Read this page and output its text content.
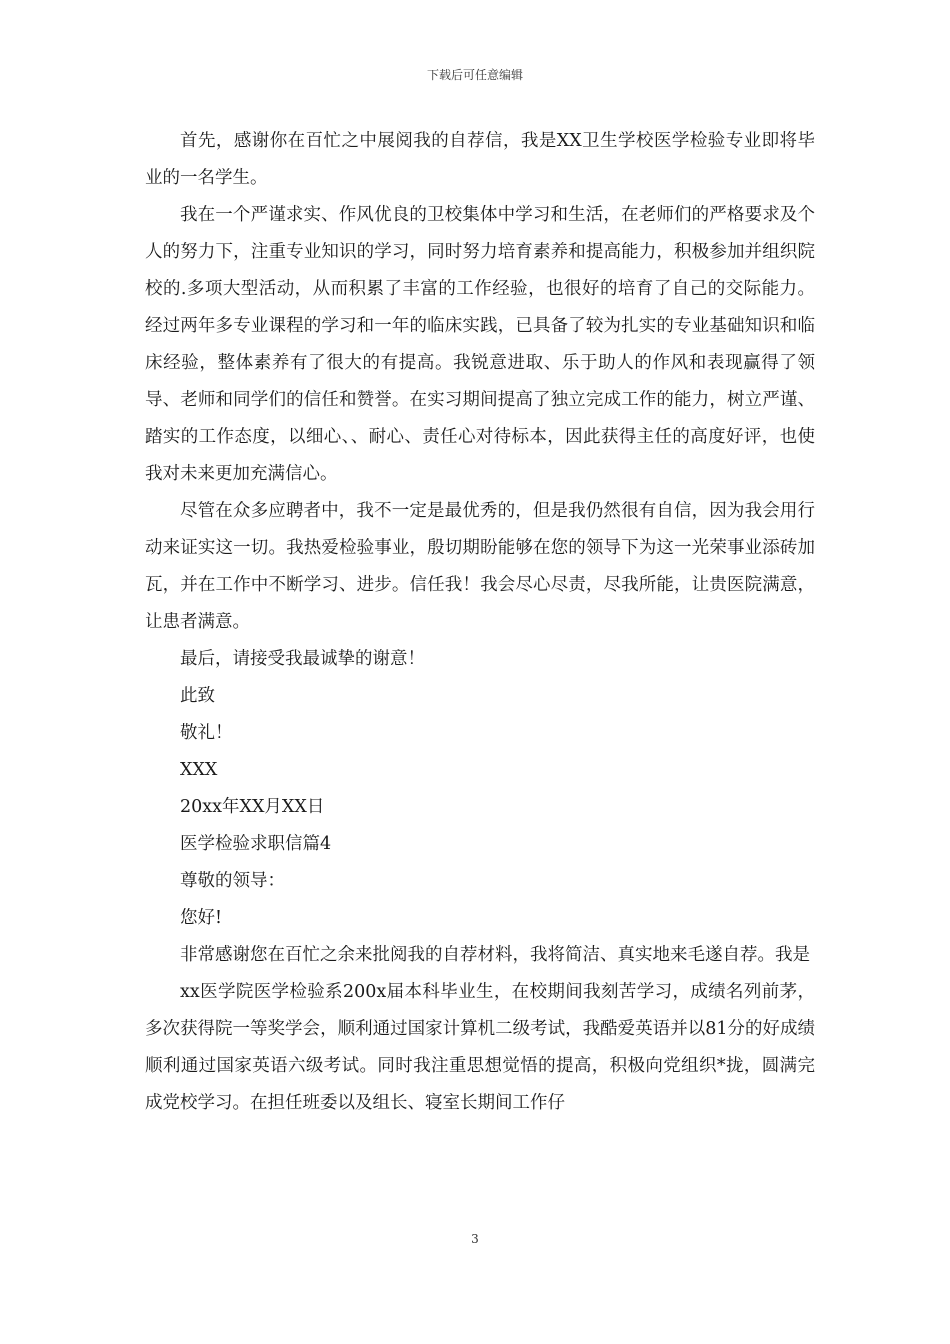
下载后可任意编辑

首先，感谢你在百忙之中展阅我的自荐信，我是XX卫生学校医学检验专业即将毕业的一名学生。

我在一个严谨求实、作风优良的卫校集体中学习和生活，在老师们的严格要求及个人的努力下，注重专业知识的学习，同时努力培育素养和提高能力，积极参加并组织院校的.多项大型活动，从而积累了丰富的工作经验，也很好的培育了自己的交际能力。经过两年多专业课程的学习和一年的临床实践，已具备了较为扎实的专业基础知识和临床经验，整体素养有了很大的有提高。我锐意进取、乐于助人的作风和表现赢得了领导、老师和同学们的信任和赞誉。在实习期间提高了独立完成工作的能力，树立严谨、踏实的工作态度，以细心、、耐心、责任心对待标本，因此获得主任的高度好评，也使我对未来更加充满信心。

尽管在众多应聘者中，我不一定是最优秀的，但是我仍然很有自信，因为我会用行动来证实这一切。我热爱检验事业，殷切期盼能够在您的领导下为这一光荣事业添砖加瓦，并在工作中不断学习、进步。信任我！我会尽心尽责，尽我所能，让贵医院满意，让患者满意。

最后，请接受我最诚挚的谢意！

此致

敬礼！

XXX

20xx年XX月XX日

医学检验求职信篇4

尊敬的领导：

您好!

非常感谢您在百忙之余来批阅我的自荐材料，我将简洁、真实地来毛遂自荐。我是

xx医学院医学检验系200x届本科毕业生，在校期间我刻苦学习，成绩名列前茅，多次获得院一等奖学会，顺利通过国家计算机二级考试，我酷爱英语并以81分的好成绩顺利通过国家英语六级考试。同时我注重思想觉悟的提高，积极向党组织*拢，圆满完成党校学习。在担任班委以及组长、寝室长期间工作仔

3
